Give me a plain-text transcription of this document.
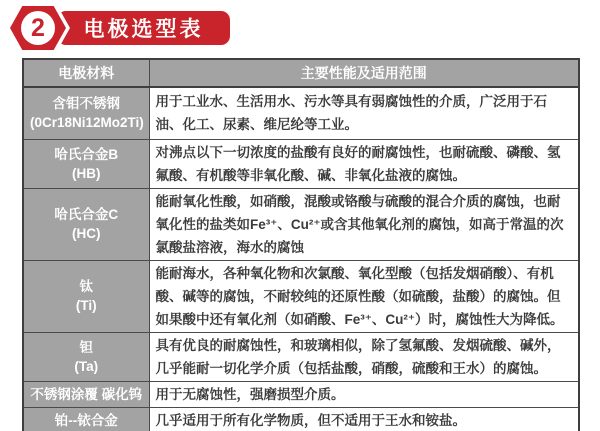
电极选型表
2
电极材料	主要性能及适用范围

含钼不锈钢
(0Cr18Ni12Mo2Ti)	用于工业水、生活用水、污水等具有弱腐蚀性的介质，广泛用于石油、化工、尿素、维尼纶等工业。

哈氏合金B
(HB)	对沸点以下一切浓度的盐酸有良好的耐腐蚀性，也耐硫酸、磷酸、氢氟酸、有机酸等非氧化酸、碱、非氧化盐液的腐蚀。

哈氏合金C
(HC)	能耐氧化性酸，如硝酸，混酸或铬酸与硫酸的混合介质的腐蚀，也耐氧化性的盐类如Fe³⁺、Cu²⁺或含其他氧化剂的腐蚀，如高于常温的次氯酸盐溶液，海水的腐蚀

钛
(Ti)	能耐海水，各种氧化物和次氯酸、氧化型酸（包括发烟硝酸）、有机酸、碱等的腐蚀，不耐较纯的还原性酸（如硫酸，盐酸）的腐蚀。但如果酸中还有氧化剂（如硝酸、Fe³⁺、Cu²⁺）时，腐蚀性大为降低。

钽
(Ta)	具有优良的耐腐蚀性，和玻璃相似，除了氢氟酸、发烟硫酸、碱外，几乎能耐一切化学介质（包括盐酸，硝酸，硫酸和王水）的腐蚀。

不锈钢涂覆 碳化钨	用于无腐蚀性，强磨损型介质。

铂--铱合金	几乎适用于所有化学物质，但不适用于王水和铵盐。
